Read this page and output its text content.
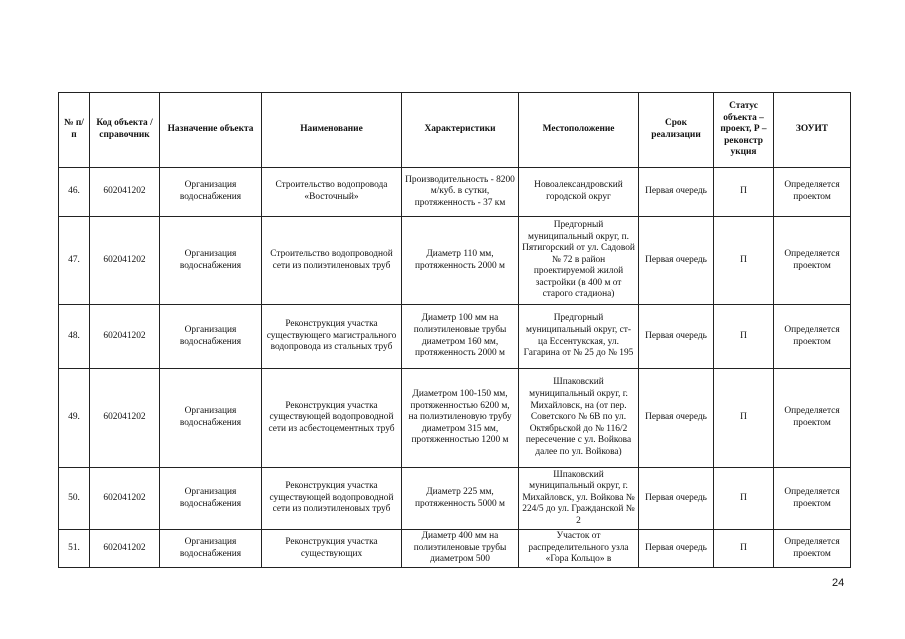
№ п/п	Код объекта / справочник	Назначение объекта	Наименование	Характеристики	Местоположение	Срок реализации	Статус объекта – проект, Р – реконстр укция	ЗОУИТ
46.	602041202	Организация водоснабжения	Строительство водопровода «Восточный»	Производительность - 8200 м/куб. в сутки, протяженность - 37 км	Новоалександровский городской округ	Первая очередь	П	Определяется проектом
47.	602041202	Организация водоснабжения	Строительство водопроводной сети из полиэтиленовых труб	Диаметр 110 мм, протяженность 2000 м	Предгорный муниципальный округ, п. Пятигорский от ул. Садовой № 72 в район проектируемой жилой застройки (в 400 м от старого стадиона)	Первая очередь	П	Определяется проектом
48.	602041202	Организация водоснабжения	Реконструкция участка существующего магистрального водопровода из стальных труб	Диаметр 100 мм на полиэтиленовые трубы диаметром 160 мм, протяженность 2000 м	Предгорный муниципальный округ, ст-ца Ессентукская, ул. Гагарина от № 25 до № 195	Первая очередь	П	Определяется проектом
49.	602041202	Организация водоснабжения	Реконструкция участка существующей водопроводной сети из асбестоцементных труб	Диаметром 100-150 мм, протяженностью 6200 м, на полиэтиленовую трубу диаметром 315 мм, протяженностью 1200 м	Шпаковский муниципальный округ, г. Михайловск, на (от пер. Советского № 6В по ул. Октябрьской до № 116/2 пересечение с ул. Войкова далее по ул. Войкова)	Первая очередь	П	Определяется проектом
50.	602041202	Организация водоснабжения	Реконструкция участка существующей водопроводной сети из полиэтиленовых труб	Диаметр 225 мм, протяженность 5000 м	Шпаковский муниципальный округ, г. Михайловск, ул. Войкова № 224/5 до ул. Гражданской № 2	Первая очередь	П	Определяется проектом
51.	602041202	Организация водоснабжения	Реконструкция участка существующих	Диаметр 400 мм на полиэтиленовые трубы диаметром 500	Участок от распределительного узла «Гора Кольцо» в	Первая очередь	П	Определяется проектом
24
